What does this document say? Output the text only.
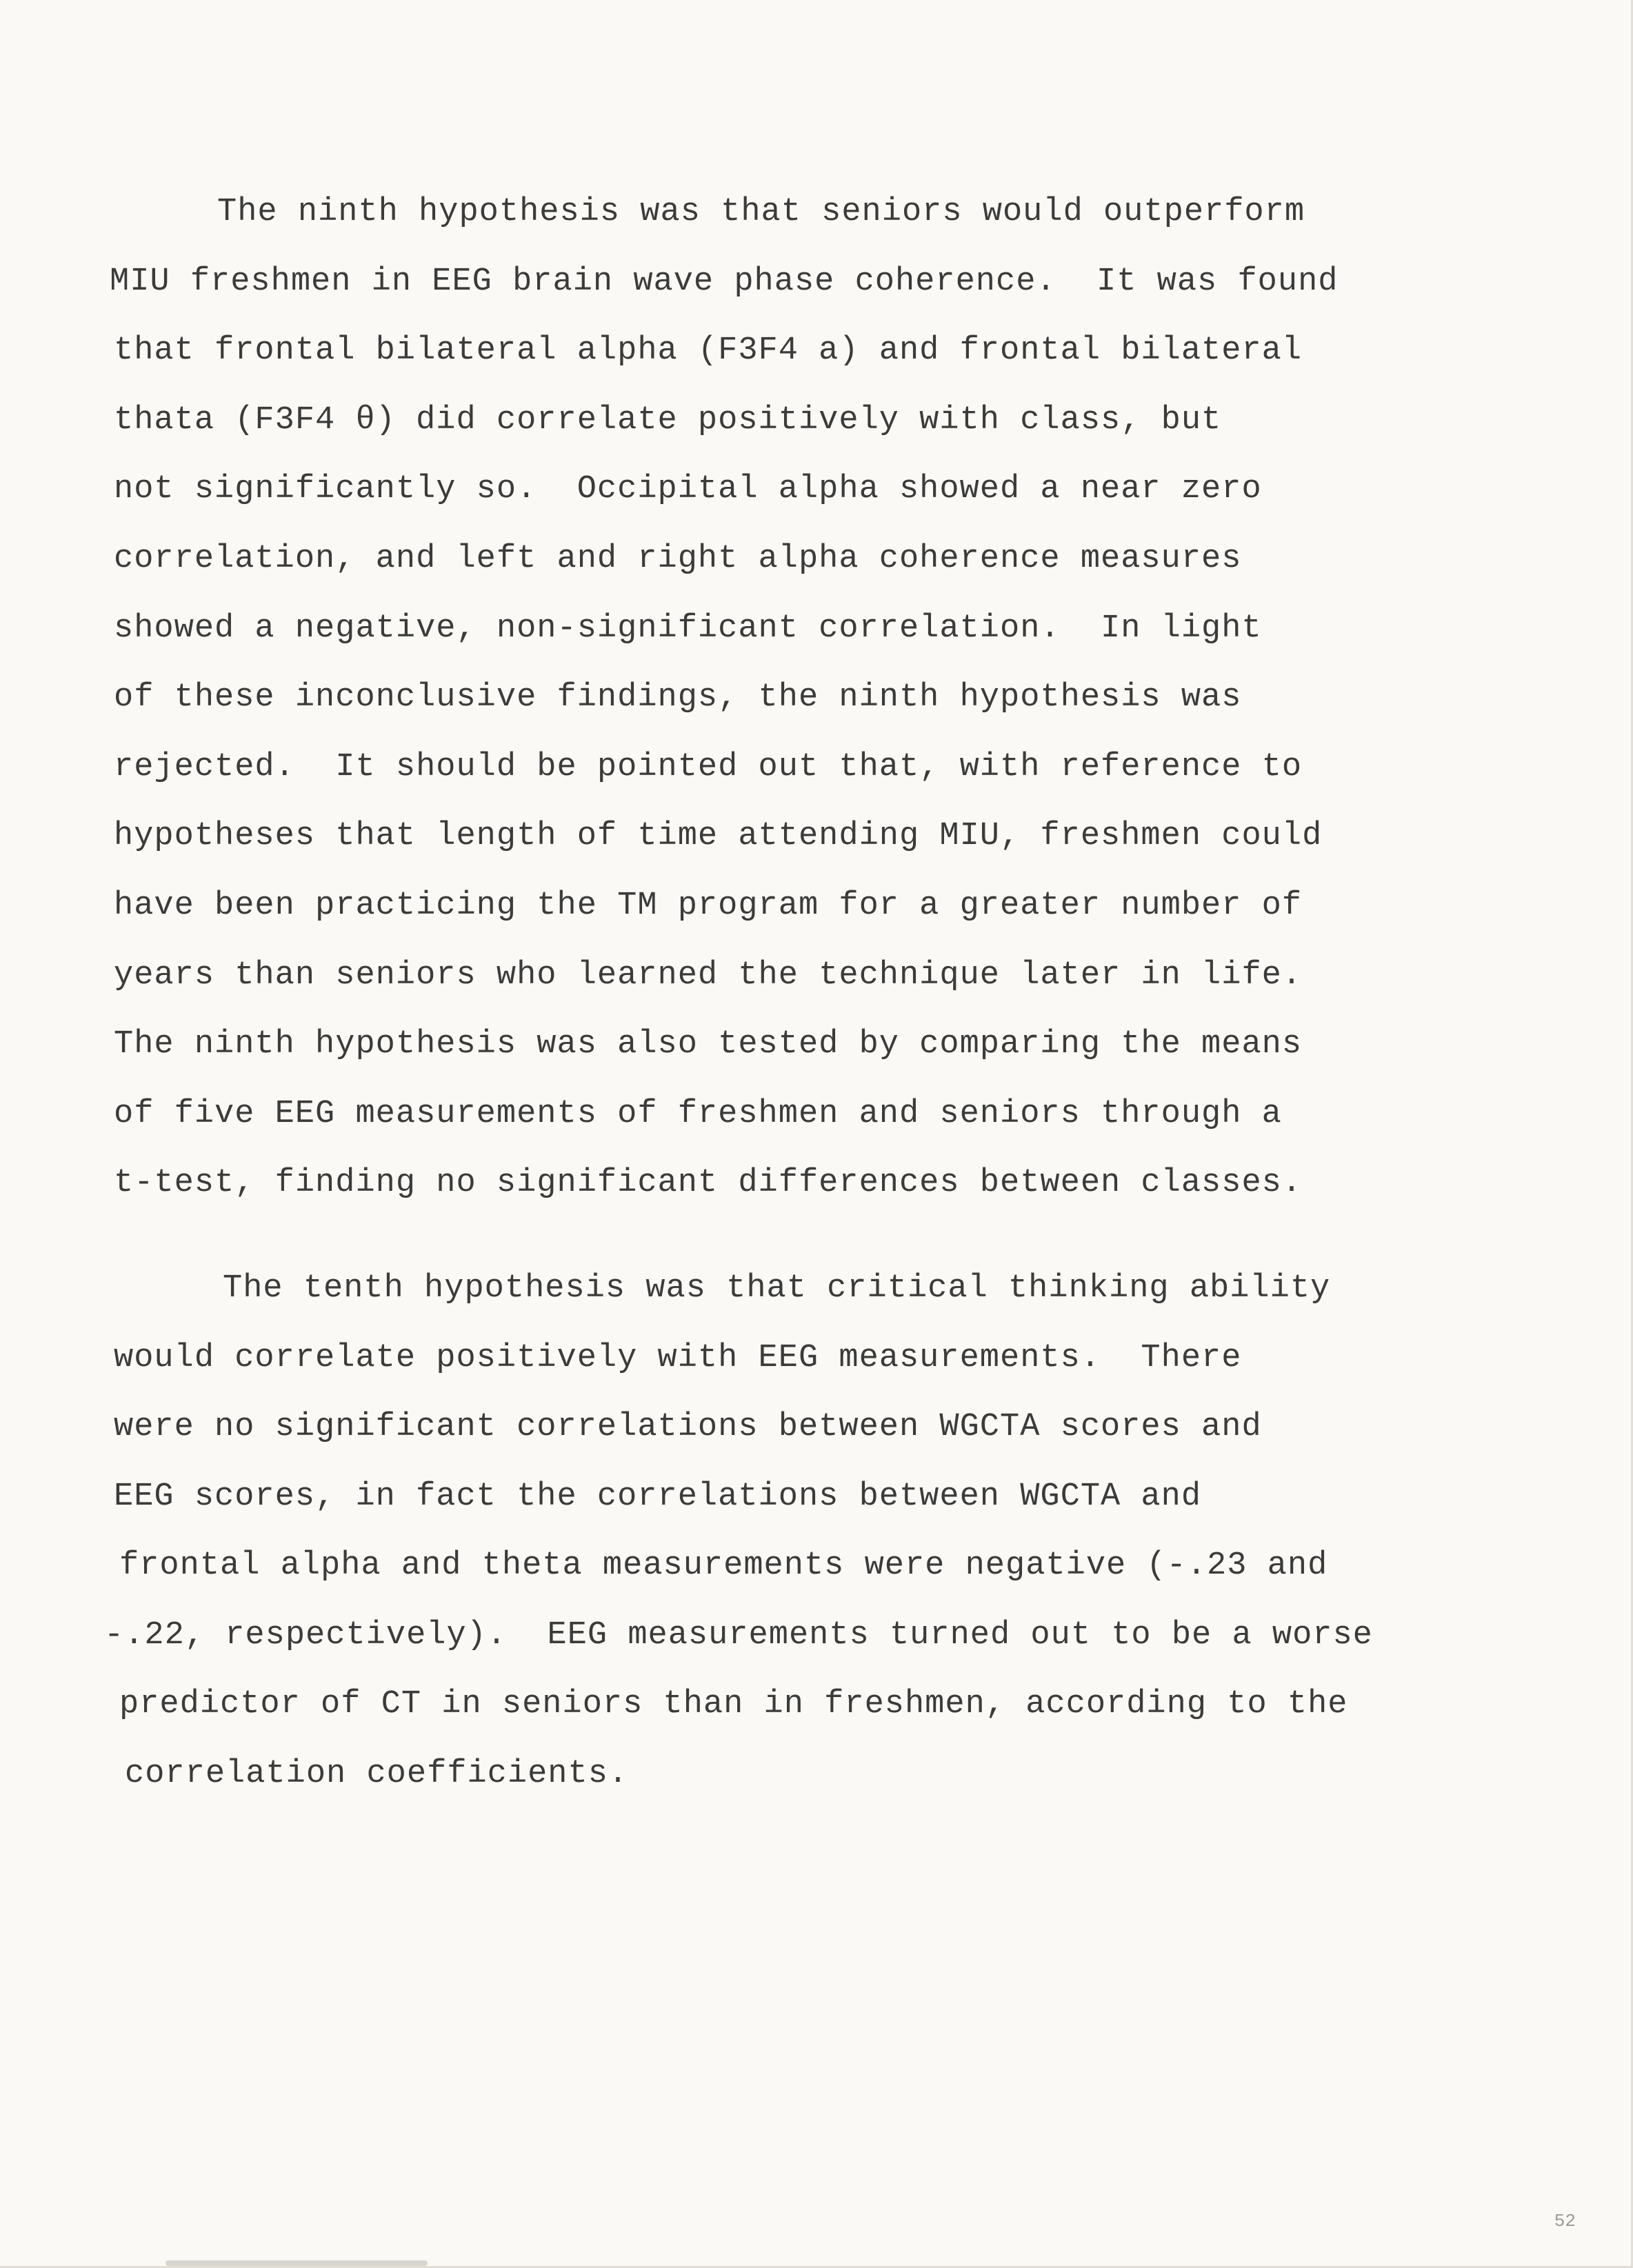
The ninth hypothesis was that seniors would outperform
MIU freshmen in EEG brain wave phase coherence.  It was found
that frontal bilateral alpha (F3F4 a) and frontal bilateral
thata (F3F4 θ) did correlate positively with class, but
not significantly so.  Occipital alpha showed a near zero
correlation, and left and right alpha coherence measures
showed a negative, non-significant correlation.  In light
of these inconclusive findings, the ninth hypothesis was
rejected.  It should be pointed out that, with reference to
hypotheses that length of time attending MIU, freshmen could
have been practicing the TM program for a greater number of
years than seniors who learned the technique later in life.
The ninth hypothesis was also tested by comparing the means
of five EEG measurements of freshmen and seniors through a
t-test, finding no significant differences between classes.
The tenth hypothesis was that critical thinking ability
would correlate positively with EEG measurements.  There
were no significant correlations between WGCTA scores and
EEG scores, in fact the correlations between WGCTA and
frontal alpha and theta measurements were negative (-.23 and
-.22, respectively).  EEG measurements turned out to be a worse
predictor of CT in seniors than in freshmen, according to the
correlation coefficients.
52
